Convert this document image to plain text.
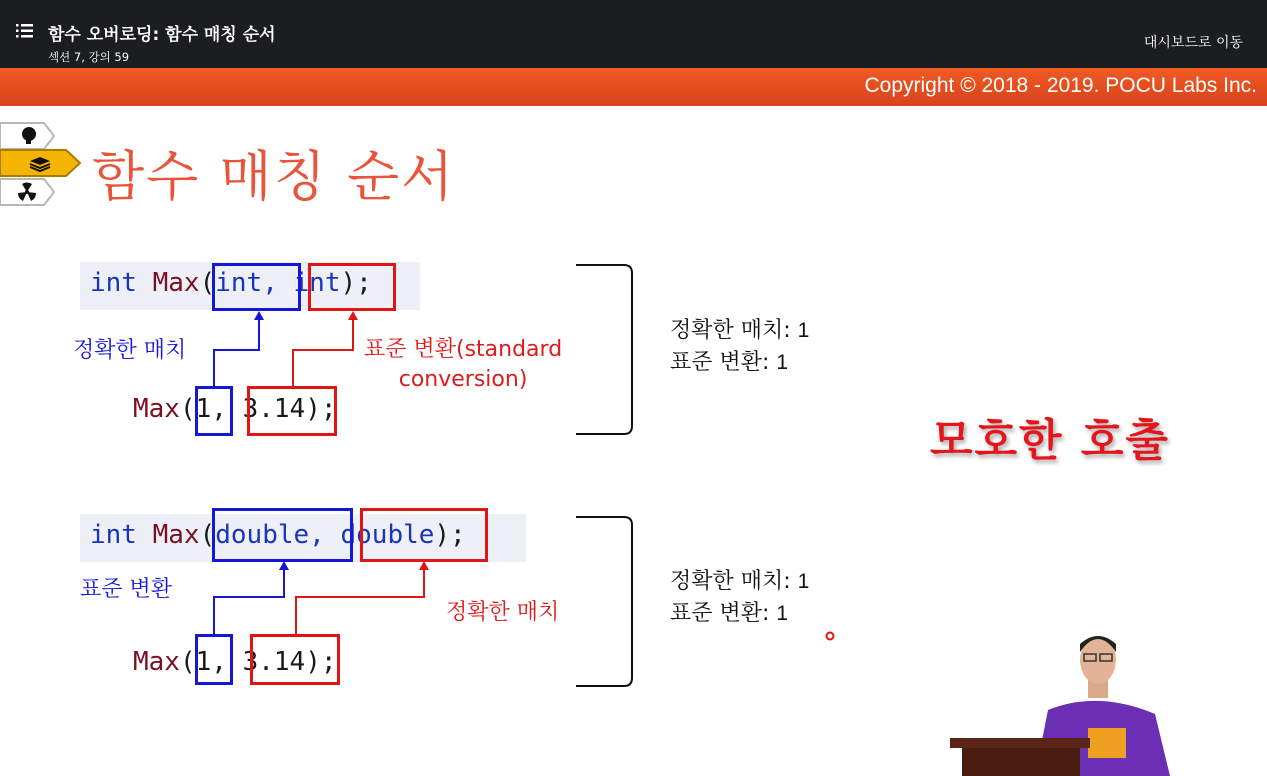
함수 오버로딩: 함수 매칭 순서
섹션 7, 강의 59
대시보드로 이동
Copyright © 2018 - 2019. POCU Labs Inc.
함수 매칭 순서
int Max(int, int);
정확한 매치	표준 변환(standard
conversion)
Max(1, 3.14);
정확한 매치: 1
표준 변환: 1
모호한 호출
int Max(double, double);
표준 변환
정확한 매치
Max(1, 3.14);
정확한 매치: 1
표준 변환: 1
